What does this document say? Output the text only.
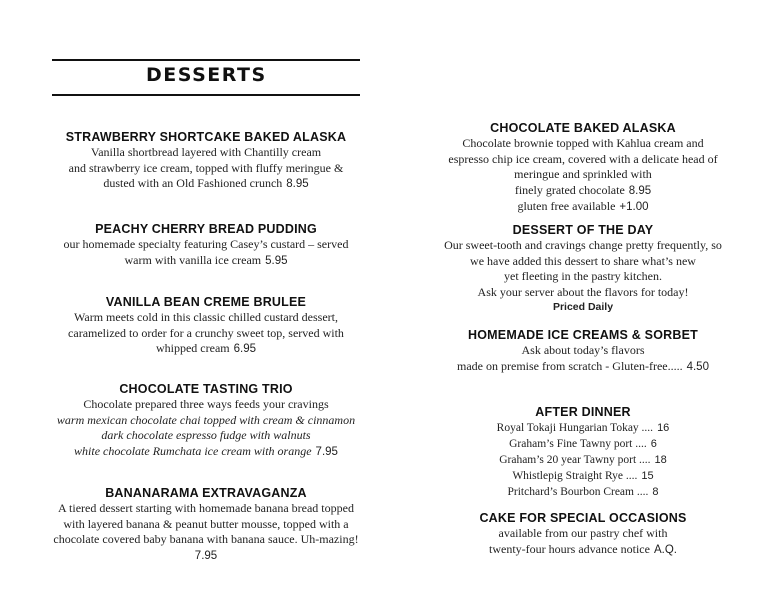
DESSERTS
STRAWBERRY SHORTCAKE BAKED ALASKA
Vanilla shortbread layered with Chantilly cream
and strawberry ice cream, topped with fluffy meringue &
dusted with an Old Fashioned crunch 8.95
PEACHY CHERRY BREAD PUDDING
our homemade specialty featuring Casey’s custard – served
warm with vanilla ice cream 5.95
VANILLA BEAN CREME BRULEE
Warm meets cold in this classic chilled custard dessert,
caramelized to order for a crunchy sweet top, served with
whipped cream 6.95
CHOCOLATE TASTING TRIO
Chocolate prepared three ways feeds your cravings
warm mexican chocolate chai topped with cream & cinnamon
dark chocolate espresso fudge with walnuts
white chocolate Rumchata ice cream with orange 7.95
BANANARAMA EXTRAVAGANZA
A tiered dessert starting with homemade banana bread topped
with layered banana & peanut butter mousse, topped with a
chocolate covered baby banana with banana sauce. Uh-mazing!
7.95
CHOCOLATE BAKED ALASKA
Chocolate brownie topped with Kahlua cream and
espresso chip ice cream, covered with a delicate head of
meringue and sprinkled with
finely grated chocolate 8.95
gluten free available +1.00
DESSERT OF THE DAY
Our sweet-tooth and cravings change pretty frequently, so
we have added this dessert to share what’s new
yet fleeting in the pastry kitchen.
Ask your server about the flavors for today!
Priced Daily
HOMEMADE ICE CREAMS & SORBET
Ask about today’s flavors
made on premise from scratch - Gluten-free..... 4.50
AFTER DINNER
Royal Tokaji Hungarian Tokay .... 16
Graham’s Fine Tawny port .... 6
Graham’s 20 year Tawny port .... 18
Whistlepig Straight Rye .... 15
Pritchard’s Bourbon Cream .... 8
CAKE FOR SPECIAL OCCASIONS
available from our pastry chef with
twenty-four hours advance notice A.Q.
